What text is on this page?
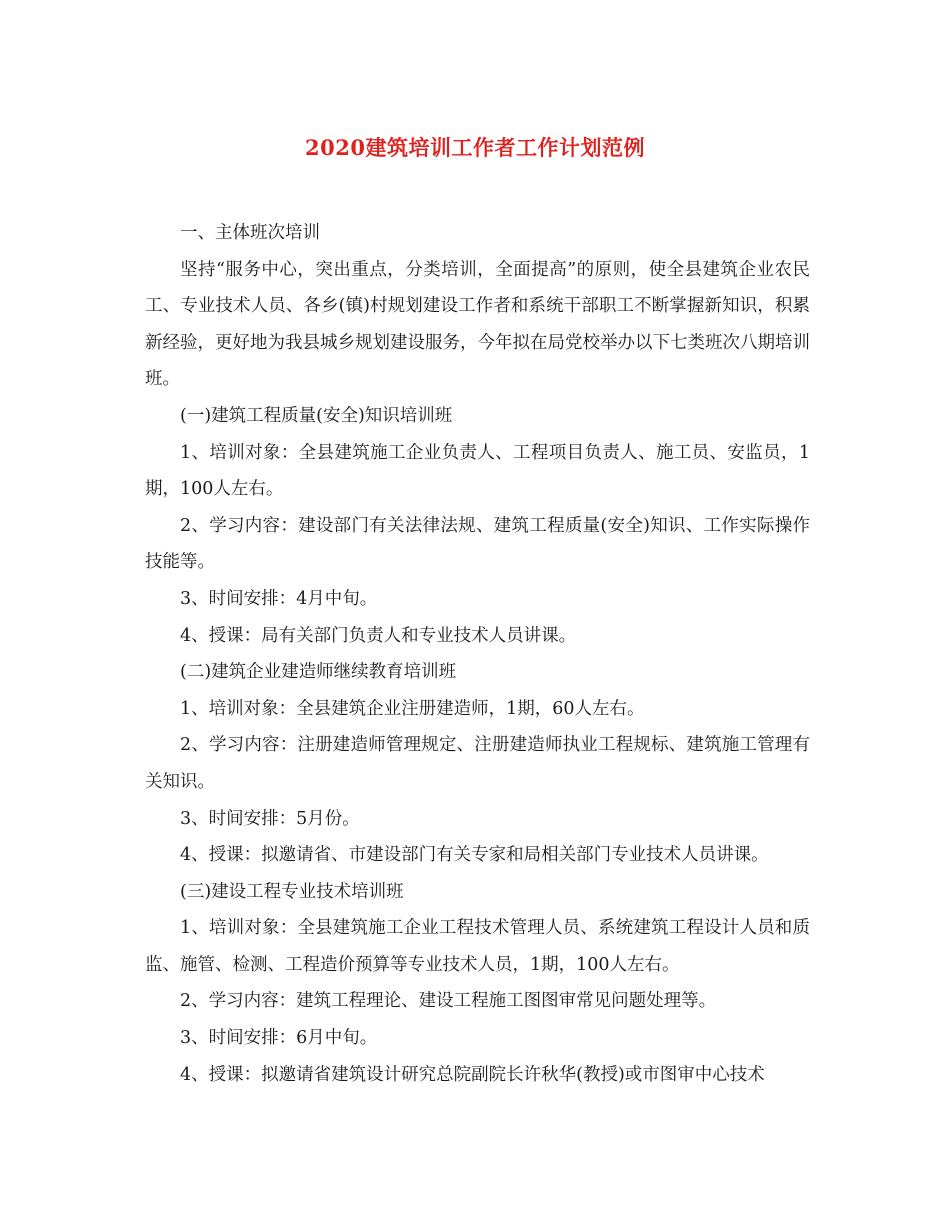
2020建筑培训工作者工作计划范例

一、主体班次培训

坚持“服务中心，突出重点，分类培训，全面提高”的原则，使全县建筑企业农民工、专业技术人员、各乡(镇)村规划建设工作者和系统干部职工不断掌握新知识，积累新经验，更好地为我县城乡规划建设服务，今年拟在局党校举办以下七类班次八期培训班。

(一)建筑工程质量(安全)知识培训班

1、培训对象：全县建筑施工企业负责人、工程项目负责人、施工员、安监员，1期，100人左右。

2、学习内容：建设部门有关法律法规、建筑工程质量(安全)知识、工作实际操作技能等。

3、时间安排：4月中旬。

4、授课：局有关部门负责人和专业技术人员讲课。

(二)建筑企业建造师继续教育培训班

1、培训对象：全县建筑企业注册建造师，1期，60人左右。

2、学习内容：注册建造师管理规定、注册建造师执业工程规标、建筑施工管理有关知识。

3、时间安排：5月份。

4、授课：拟邀请省、市建设部门有关专家和局相关部门专业技术人员讲课。

(三)建设工程专业技术培训班

1、培训对象：全县建筑施工企业工程技术管理人员、系统建筑工程设计人员和质监、施管、检测、工程造价预算等专业技术人员，1期，100人左右。

2、学习内容：建筑工程理论、建设工程施工图图审常见问题处理等。

3、时间安排：6月中旬。

4、授课：拟邀请省建筑设计研究总院副院长许秋华(教授)或市图审中心技术
